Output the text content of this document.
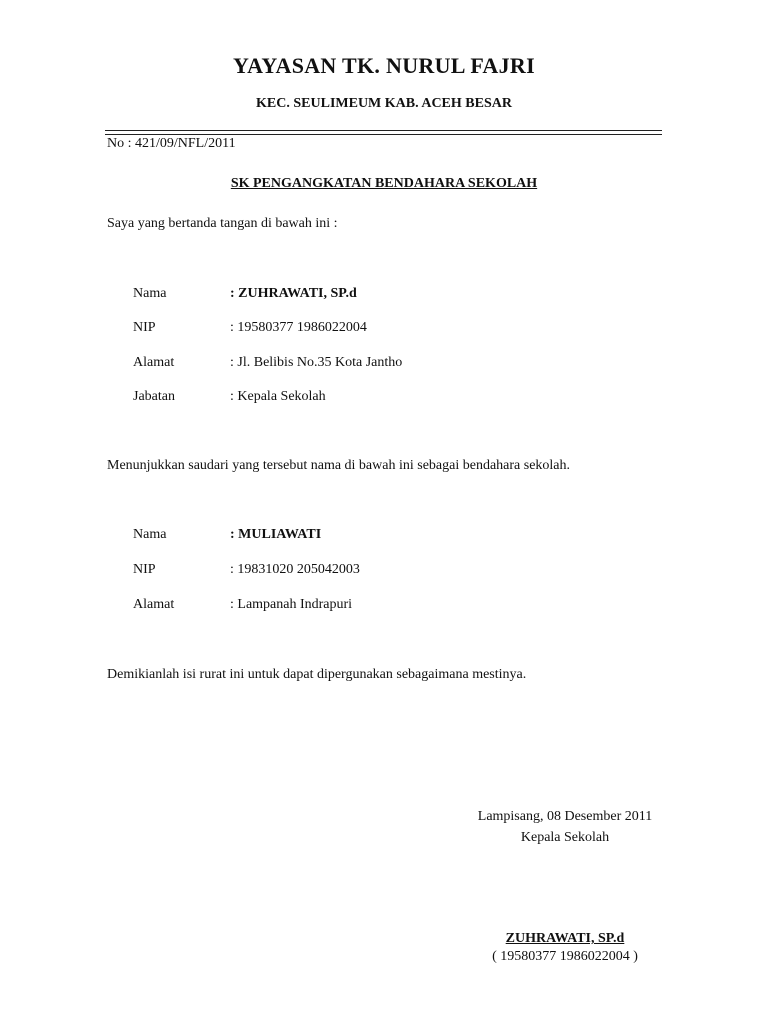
YAYASAN TK. NURUL FAJRI
KEC. SEULIMEUM KAB. ACEH BESAR
No : 421/09/NFL/2011
SK PENGANGKATAN BENDAHARA SEKOLAH
Saya yang bertanda tangan di bawah ini :
Nama	: ZUHRAWATI, SP.d
NIP	: 19580377 1986022004
Alamat	: Jl. Belibis No.35 Kota Jantho
Jabatan	: Kepala Sekolah
Menunjukkan saudari yang tersebut nama di bawah ini sebagai bendahara sekolah.
Nama	: MULIAWATI
NIP	: 19831020 205042003
Alamat	: Lampanah Indrapuri
Demikianlah isi rurat ini untuk dapat dipergunakan sebagaimana mestinya.
Lampisang, 08 Desember 2011
Kepala Sekolah
ZUHRAWATI, SP.d
( 19580377 1986022004 )
